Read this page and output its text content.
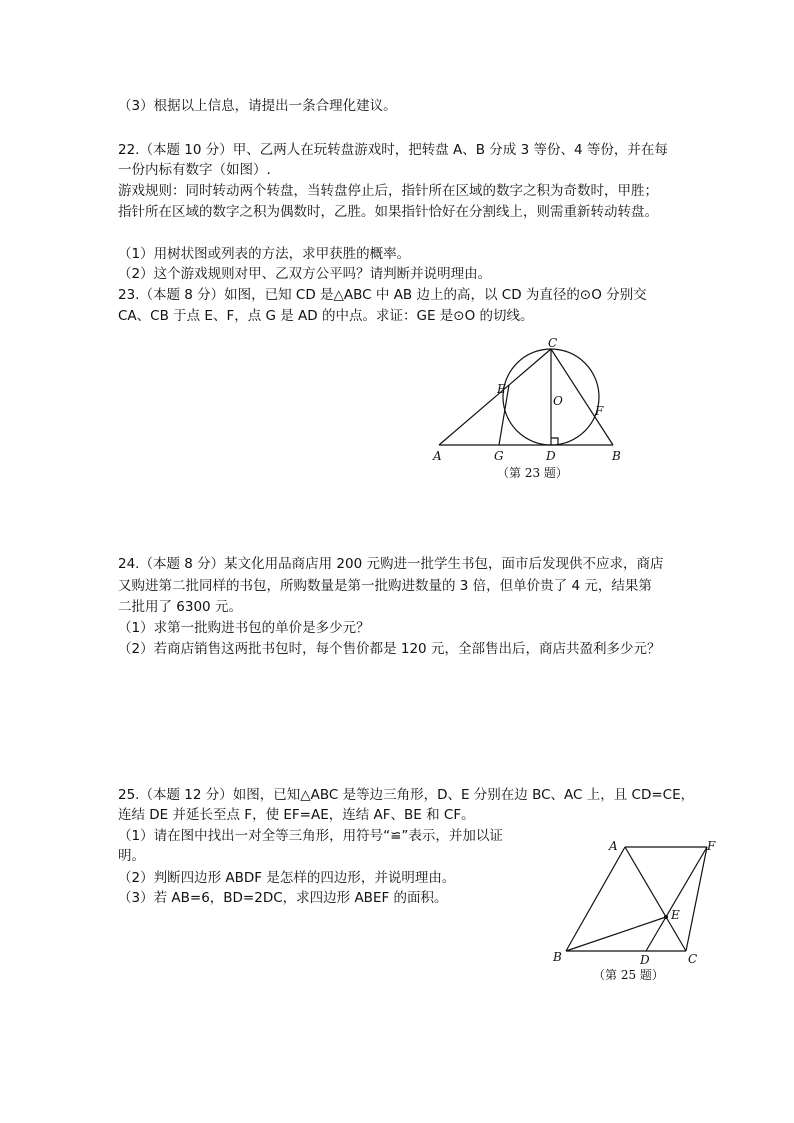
（3）根据以上信息，请提出一条合理化建议。
22.（本题 10 分）甲、乙两人在玩转盘游戏时，把转盘 A、B 分成 3 等份、4 等份，并在每
一份内标有数字（如图）.
游戏规则：同时转动两个转盘，当转盘停止后，指针所在区域的数字之积为奇数时，甲胜；
指针所在区域的数字之积为偶数时，乙胜。如果指针恰好在分割线上，则需重新转动转盘。
（1）用树状图或列表的方法，求甲获胜的概率。
（2）这个游戏规则对甲、乙双方公平吗？请判断并说明理由。
23.（本题 8 分）如图，已知 CD 是△ABC 中 AB 边上的高，以 CD 为直径的⊙O 分别交
CA、CB 于点 E、F，点 G 是 AD 的中点。求证：GE 是⊙O 的切线。
C
E
O
F
A	G	D	B
（第 23 题）
24.（本题 8 分）某文化用品商店用 200 元购进一批学生书包，面市后发现供不应求，商店
又购进第二批同样的书包，所购数量是第一批购进数量的 3 倍，但单价贵了 4 元，结果第
二批用了 6300 元。
（1）求第一批购进书包的单价是多少元？
（2）若商店销售这两批书包时，每个售价都是 120 元，全部售出后，商店共盈利多少元？
25.（本题 12 分）如图，已知△ABC 是等边三角形，D、E 分别在边 BC、AC 上，且 CD=CE，
连结 DE 并延长至点 F，使 EF=AE，连结 AF、BE 和 CF。
（1）请在图中找出一对全等三角形，用符号“≌”表示，并加以证
明。
（2）判断四边形 ABDF 是怎样的四边形，并说明理由。
（3）若 AB=6，BD=2DC，求四边形 ABEF 的面积。
A	F
E
B	D	C
（第 25 题）
